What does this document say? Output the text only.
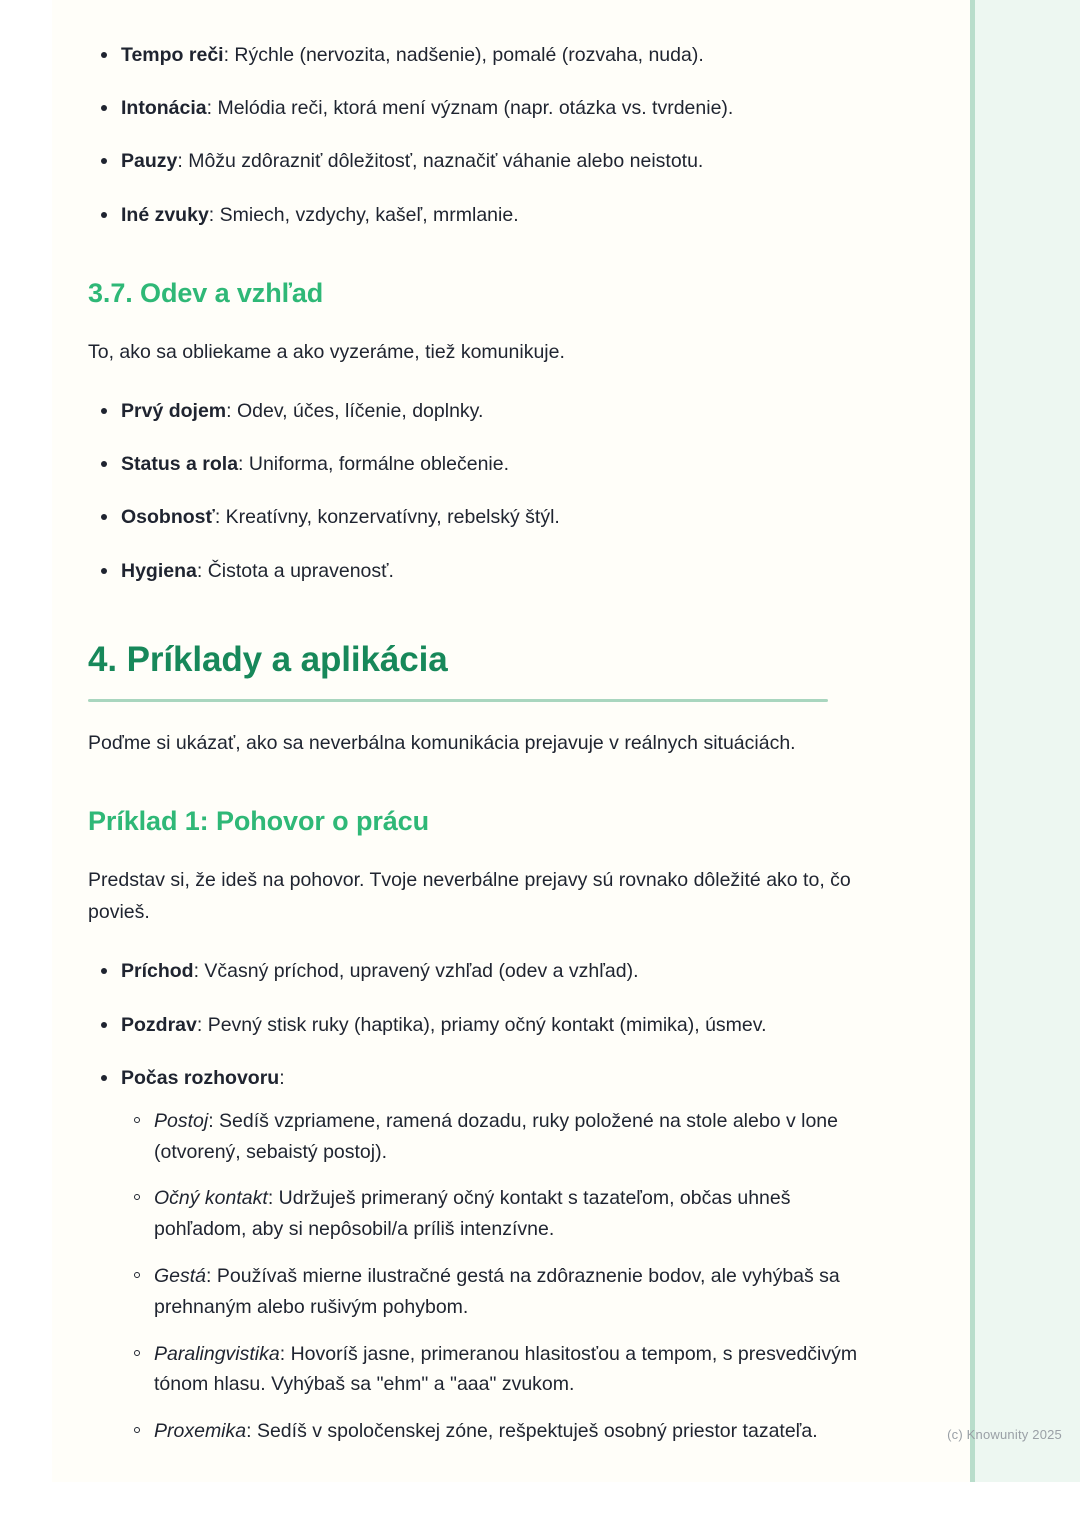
Tempo reči: Rýchle (nervozita, nadšenie), pomalé (rozvaha, nuda).
Intonácia: Melódia reči, ktorá mení význam (napr. otázka vs. tvrdenie).
Pauzy: Môžu zdôrazniť dôležitosť, naznačiť váhanie alebo neistotu.
Iné zvuky: Smiech, vzdychy, kašeľ, mrmlanie.
3.7. Odev a vzhľad

To, ako sa obliekame a ako vyzeráme, tiež komunikuje.

Prvý dojem: Odev, účes, líčenie, doplnky.
Status a rola: Uniforma, formálne oblečenie.
Osobnosť: Kreatívny, konzervatívny, rebelský štýl.
Hygiena: Čistota a upravenosť.
4. Príklady a aplikácia

Poďme si ukázať, ako sa neverbálna komunikácia prejavuje v reálnych situáciách.

Príklad 1: Pohovor o prácu

Predstav si, že ideš na pohovor. Tvoje neverbálne prejavy sú rovnako dôležité ako to, čo povieš.

Príchod: Včasný príchod, upravený vzhľad (odev a vzhľad).
Pozdrav: Pevný stisk ruky (haptika), priamy očný kontakt (mimika), úsmev.
Počas rozhovoru:
Postoj: Sedíš vzpriamene, ramená dozadu, ruky položené na stole alebo v lone (otvorený, sebaistý postoj).
Očný kontakt: Udržuješ primeraný očný kontakt s tazateľom, občas uhneš pohľadom, aby si nepôsobil/a príliš intenzívne.
Gestá: Používaš mierne ilustračné gestá na zdôraznenie bodov, ale vyhýbaš sa prehnaným alebo rušivým pohybom.
Paralingvistika: Hovoríš jasne, primeranou hlasitosťou a tempom, s presvedčivým tónom hlasu. Vyhýbaš sa "ehm" a "aaa" zvukom.
Proxemika: Sedíš v spoločenskej zóne, rešpektuješ osobný priestor tazateľa.	(c) Knowunity 2025
